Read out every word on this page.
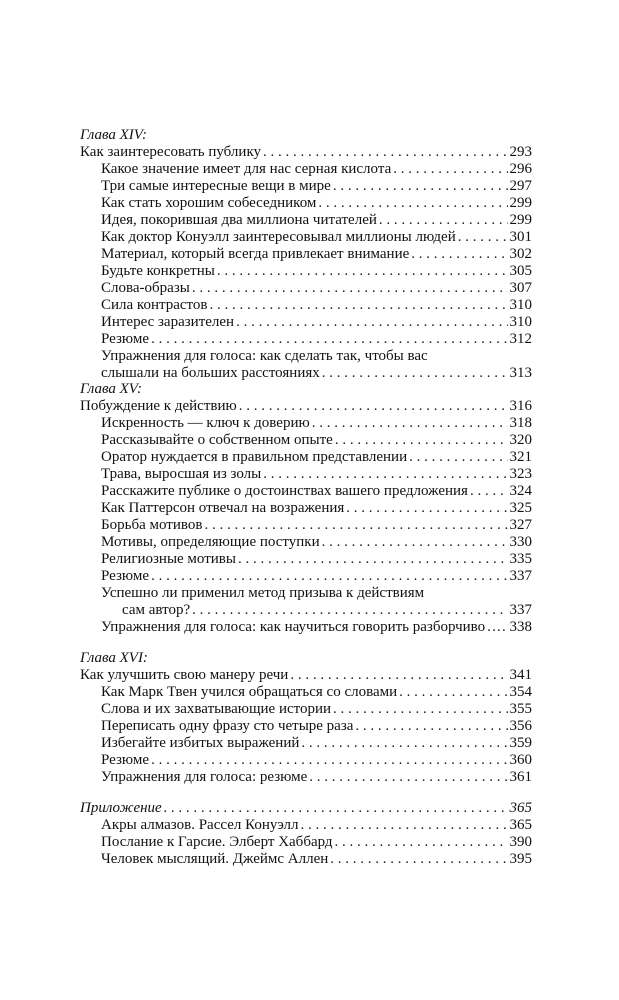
Глава XIV:
Как заинтересовать публику . . .	293
Какое значение имеет для нас серная кислота . . .	296
Три самые интересные вещи в мире . . .	297
Как стать хорошим собеседником . . .	299
Идея, покорившая два миллиона читателей . . .	299
Как доктор Конуэлл заинтересовывал миллионы людей . . .	301
Материал, который всегда привлекает внимание . . .	302
Будьте конкретны . . .	305
Слова-образы . . .	307
Сила контрастов . . .	310
Интерес заразителен . . .	310
Резюме . . .	312
Упражнения для голоса: как сделать так, чтобы вас
слышали на больших расстояниях . . .	313
Глава XV:
Побуждение к действию . . .	316
Искренность — ключ к доверию . . .	318
Рассказывайте о собственном опыте . . .	320
Оратор нуждается в правильном представлении . . .	321
Трава, выросшая из золы . . .	323
Расскажите публике о достоинствах вашего предложения . . .	324
Как Паттерсон отвечал на возражения . . .	325
Борьба мотивов . . .	327
Мотивы, определяющие поступки . . .	330
Религиозные мотивы . . .	335
Резюме . . .	337
Успешно ли применил метод призыва к действиям
сам автор? . . .	337
Упражнения для голоса: как научиться говорить разборчиво ..... 338
Глава XVI:
Как улучшить свою манеру речи . . .	341
Как Марк Твен учился обращаться со словами . . .	354
Слова и их захватывающие истории . . .	355
Переписать одну фразу сто четыре раза . . .	356
Избегайте избитых выражений . . .	359
Резюме . . .	360
Упражнения для голоса: резюме . . .	361
Приложение . . .	365
Акры алмазов. Рассел Конуэлл . . .	365
Послание к Гарсие. Элберт Хаббард . . .	390
Человек мыслящий. Джеймс Аллен . . .	395
